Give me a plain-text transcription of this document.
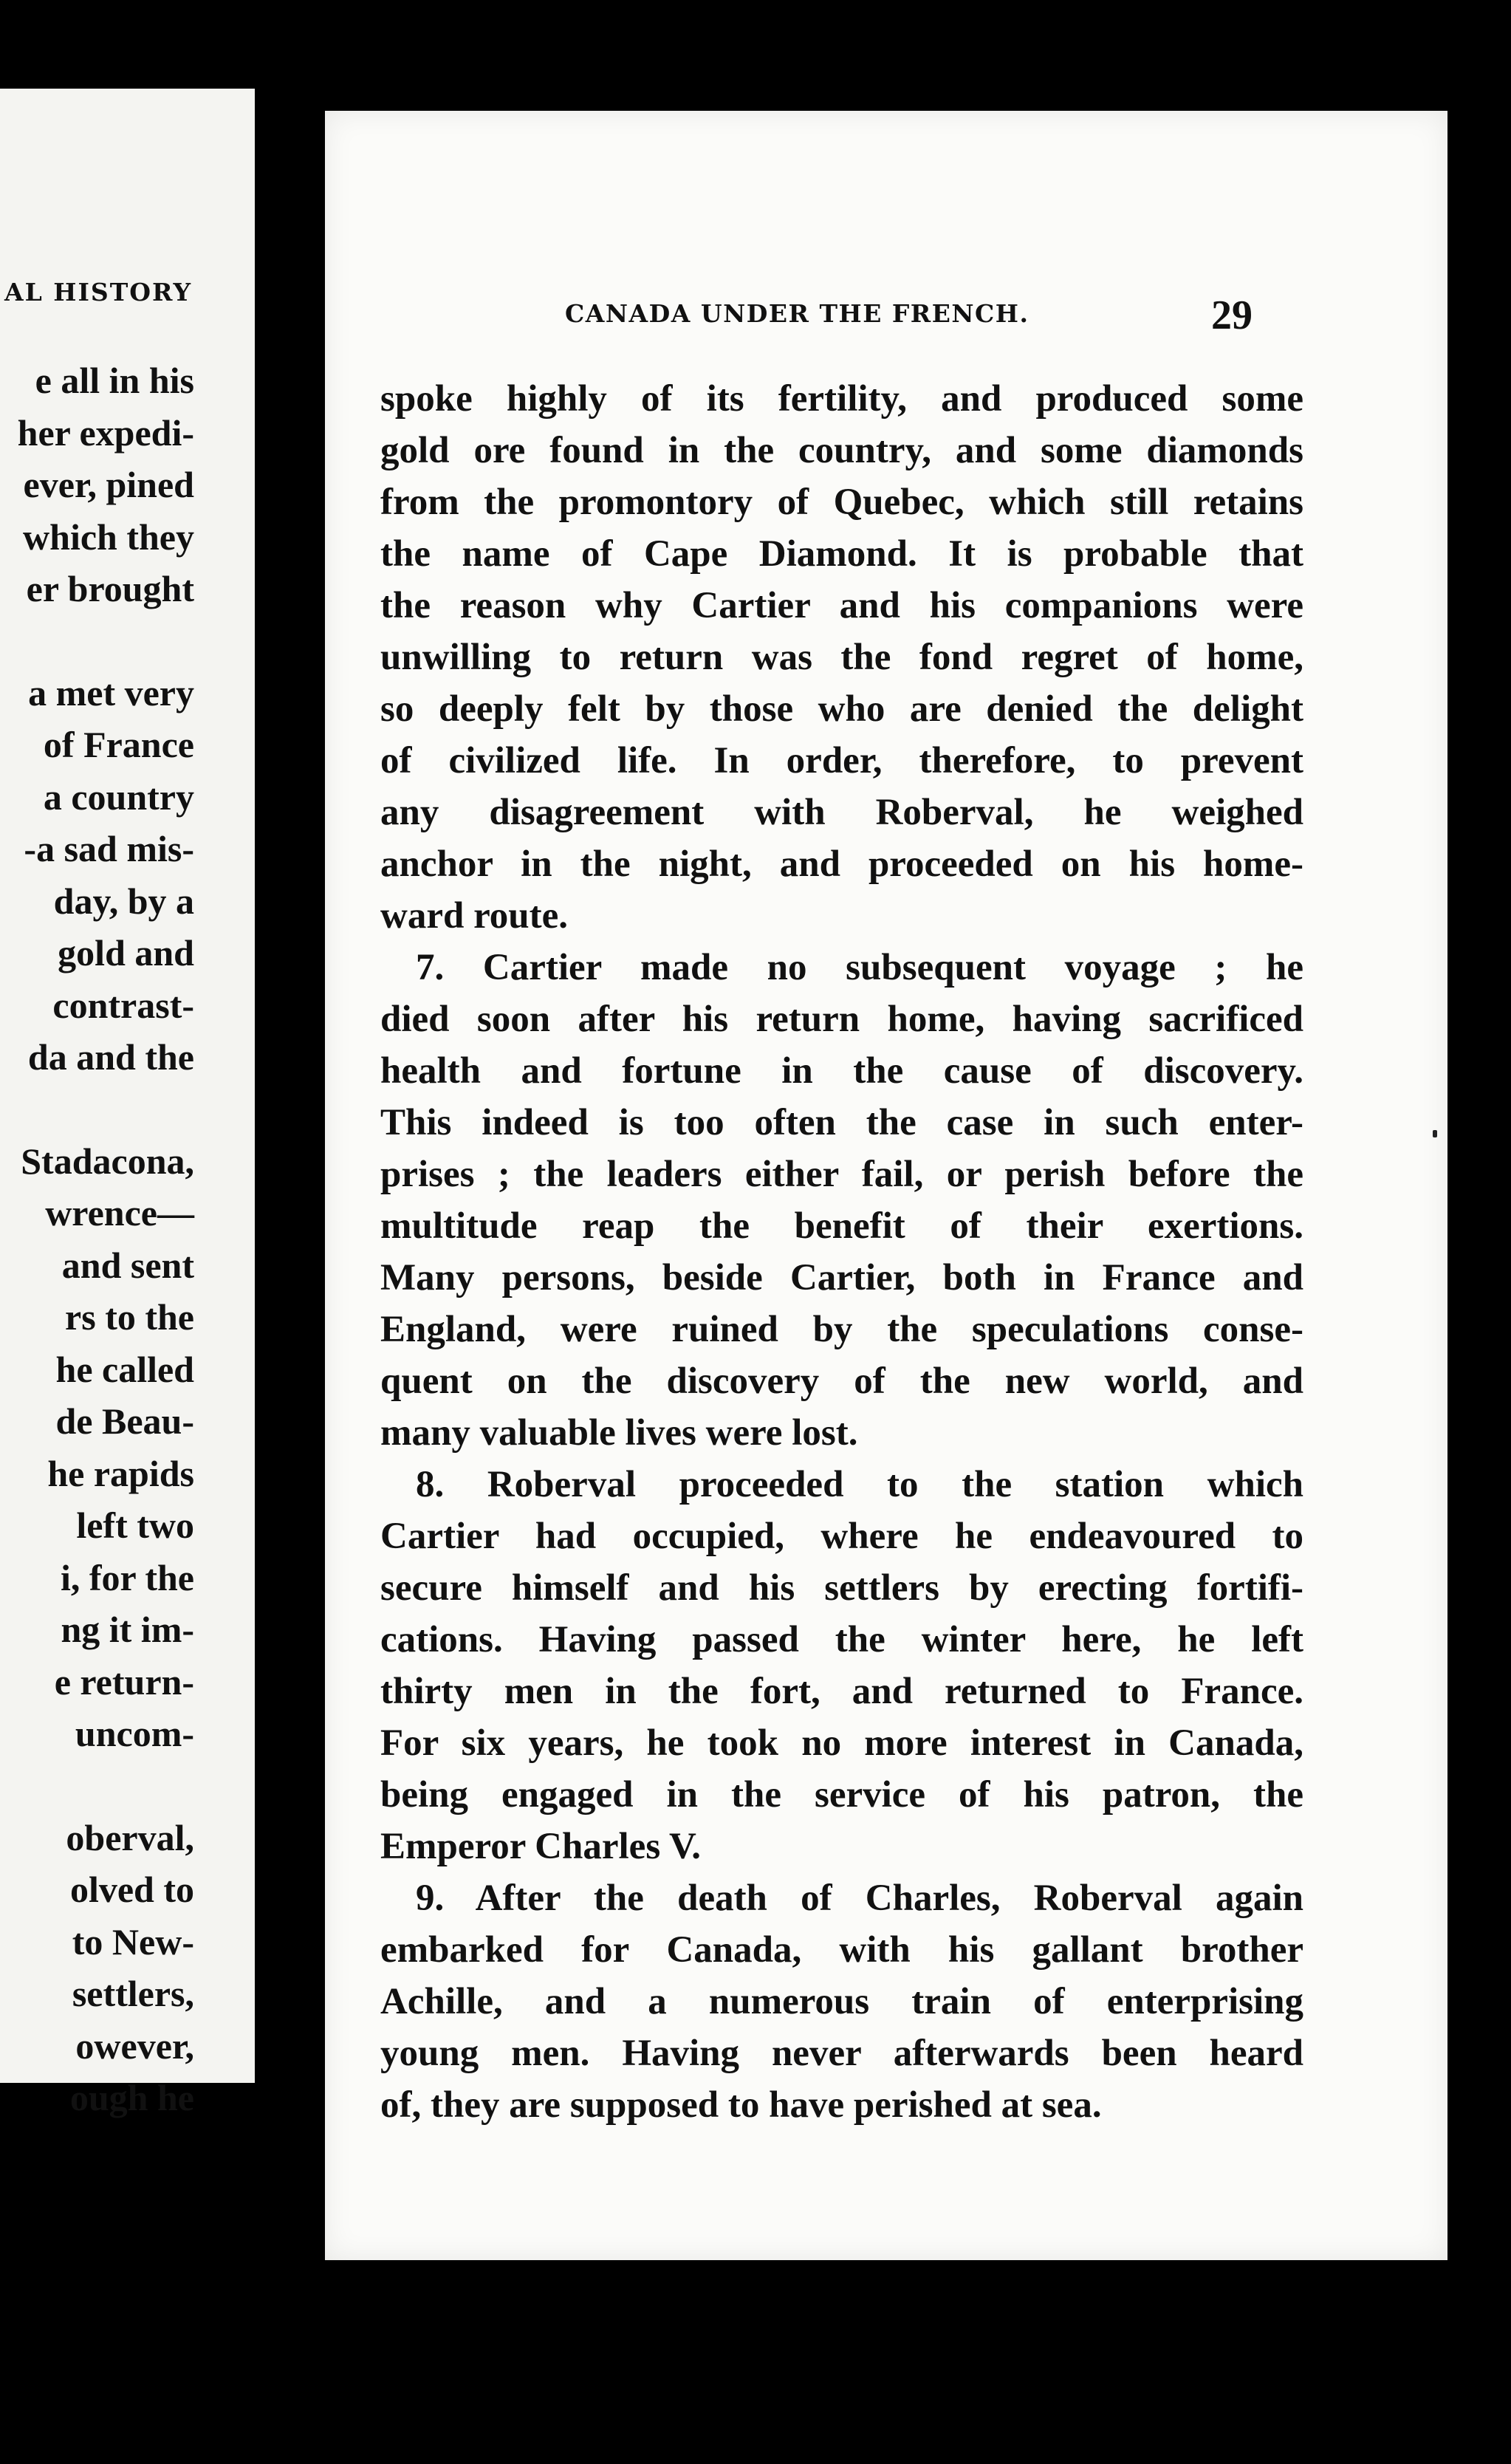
AL HISTORY
e all in his
her expedi-
ever, pined
which they
er brought
a met very
of France
a country
-a sad mis-
day, by a
gold and
contrast-
da and the
Stadacona,
wrence—
and sent
rs to the
he called
de Beau-
he rapids
left two
i, for the
ng it im-
e return-
uncom-
oberval,
olved to
to New-
settlers,
owever,
ough he
CANADA UNDER THE FRENCH.	29
spoke highly of its fertility, and produced some
gold ore found in the country, and some diamonds
from the promontory of Quebec, which still retains
the name of Cape Diamond. It is probable that
the reason why Cartier and his companions were
unwilling to return was the fond regret of home,
so deeply felt by those who are denied the delight
of civilized life. In order, therefore, to prevent
any disagreement with Roberval, he weighed
anchor in the night, and proceeded on his home-
ward route.
7. Cartier made no subsequent voyage ; he
died soon after his return home, having sacrificed
health and fortune in the cause of discovery.
This indeed is too often the case in such enter-
prises ; the leaders either fail, or perish before the
multitude reap the benefit of their exertions.
Many persons, beside Cartier, both in France and
England, were ruined by the speculations conse-
quent on the discovery of the new world, and
many valuable lives were lost.
8. Roberval proceeded to the station which
Cartier had occupied, where he endeavoured to
secure himself and his settlers by erecting fortifi-
cations. Having passed the winter here, he left
thirty men in the fort, and returned to France.
For six years, he took no more interest in Canada,
being engaged in the service of his patron, the
Emperor Charles V.
9. After the death of Charles, Roberval again
embarked for Canada, with his gallant brother
Achille, and a numerous train of enterprising
young men. Having never afterwards been heard
of, they are supposed to have perished at sea.
